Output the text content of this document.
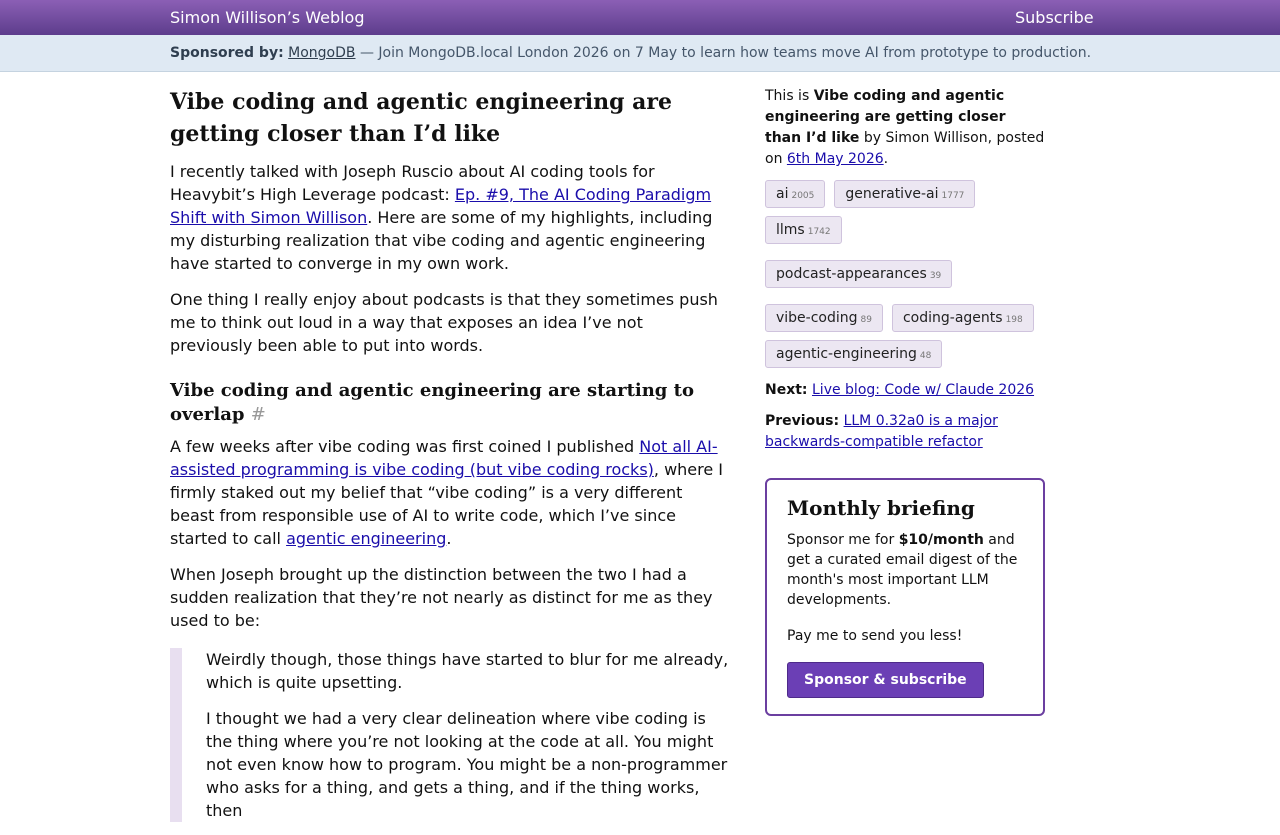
Simon Willison’s Weblog	Subscribe
Sponsored by: MongoDB — Join MongoDB.local London 2026 on 7 May to learn how teams move AI from prototype to production.
Vibe coding and agentic engineering are getting closer than I’d like

I recently talked with Joseph Ruscio about AI coding tools for Heavybit’s High Leverage podcast: Ep. #9, The AI Coding Paradigm Shift with Simon Willison. Here are some of my highlights, including my disturbing realization that vibe coding and agentic engineering have started to converge in my own work.

One thing I really enjoy about podcasts is that they sometimes push me to think out loud in a way that exposes an idea I’ve not previously been able to put into words.

Vibe coding and agentic engineering are starting to overlap #

A few weeks after vibe coding was first coined I published Not all AI-assisted programming is vibe coding (but vibe coding rocks), where I firmly staked out my belief that “vibe coding” is a very different beast from responsible use of AI to write code, which I’ve since started to call agentic engineering.

When Joseph brought up the distinction between the two I had a sudden realization that they’re not nearly as distinct for me as they used to be:

Weirdly though, those things have started to blur for me already, which is quite upsetting.

I thought we had a very clear delineation where vibe coding is the thing where you’re not looking at the code at all. You might not even know how to program. You might be a non-programmer who asks for a thing, and gets a thing, and if the thing works, then

This is Vibe coding and agentic engineering are getting closer than I’d like by Simon Willison, posted on 6th May 2026.

ai 2005	generative-ai 1777
llms 1742
podcast-appearances 39
vibe-coding 89	coding-agents 198
agentic-engineering 48

Next: Live blog: Code w/ Claude 2026

Previous: LLM 0.32a0 is a major backwards-compatible refactor

Monthly briefing

Sponsor me for $10/month and get a curated email digest of the month's most important LLM developments.

Pay me to send you less!

Sponsor & subscribe
